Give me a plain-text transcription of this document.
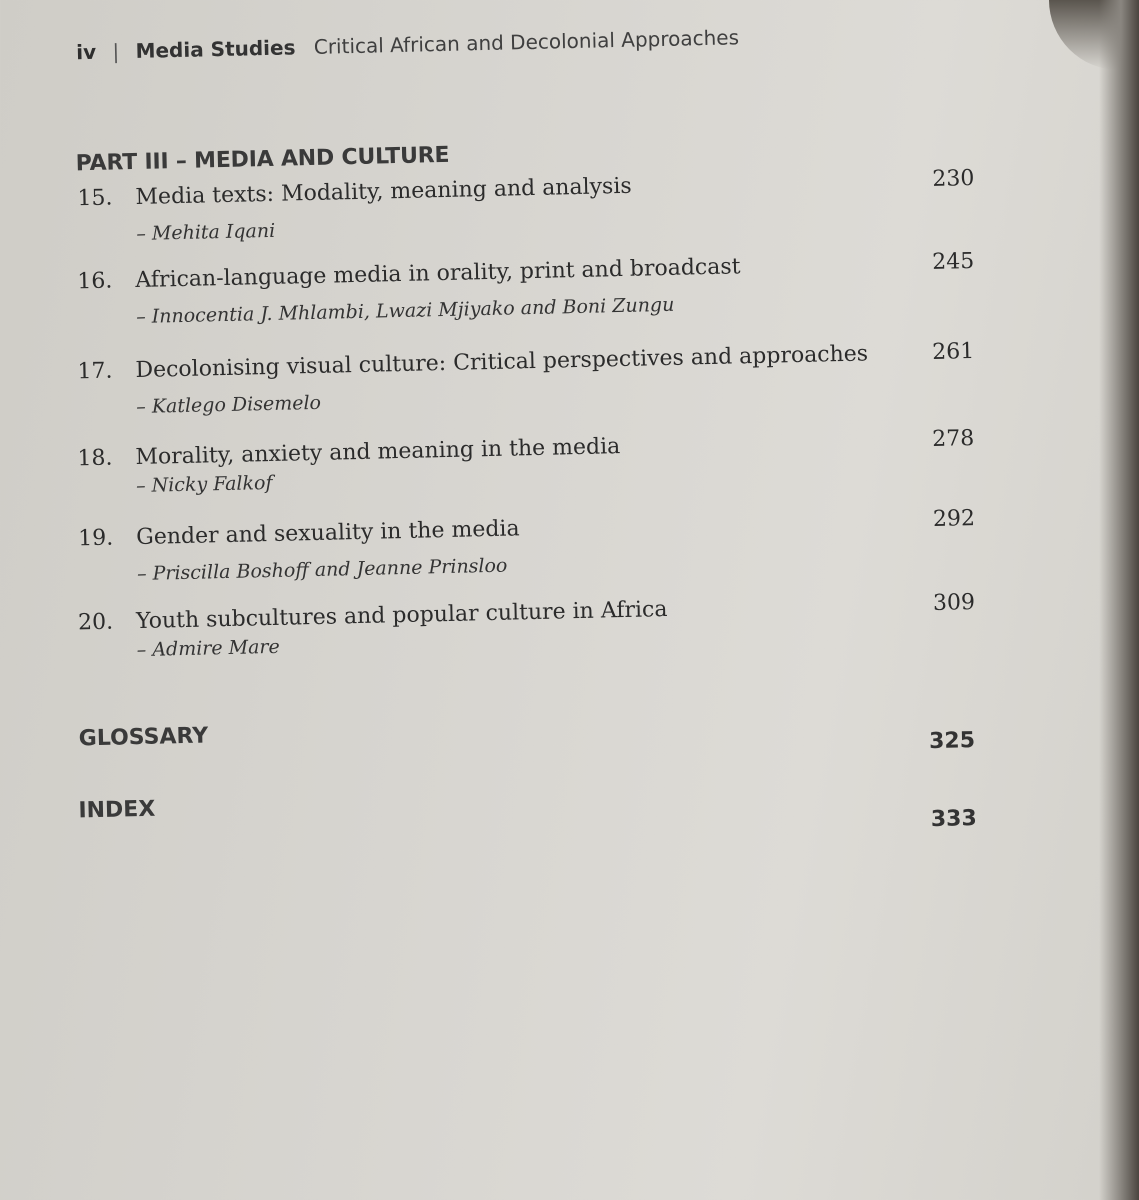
iv | Media Studies Critical African and Decolonial Approaches
PART III – MEDIA AND CULTURE
15. Media texts: Modality, meaning and analysis
– Mehita Iqani
230
16. African-language media in orality, print and broadcast
– Innocentia J. Mhlambi, Lwazi Mjiyako and Boni Zungu
245
17. Decolonising visual culture: Critical perspectives and approaches
– Katlego Disemelo
261
18. Morality, anxiety and meaning in the media
– Nicky Falkof
278
19. Gender and sexuality in the media
– Priscilla Boshoff and Jeanne Prinsloo
292
20. Youth subcultures and popular culture in Africa
– Admire Mare
309
GLOSSARY	325
INDEX	333
